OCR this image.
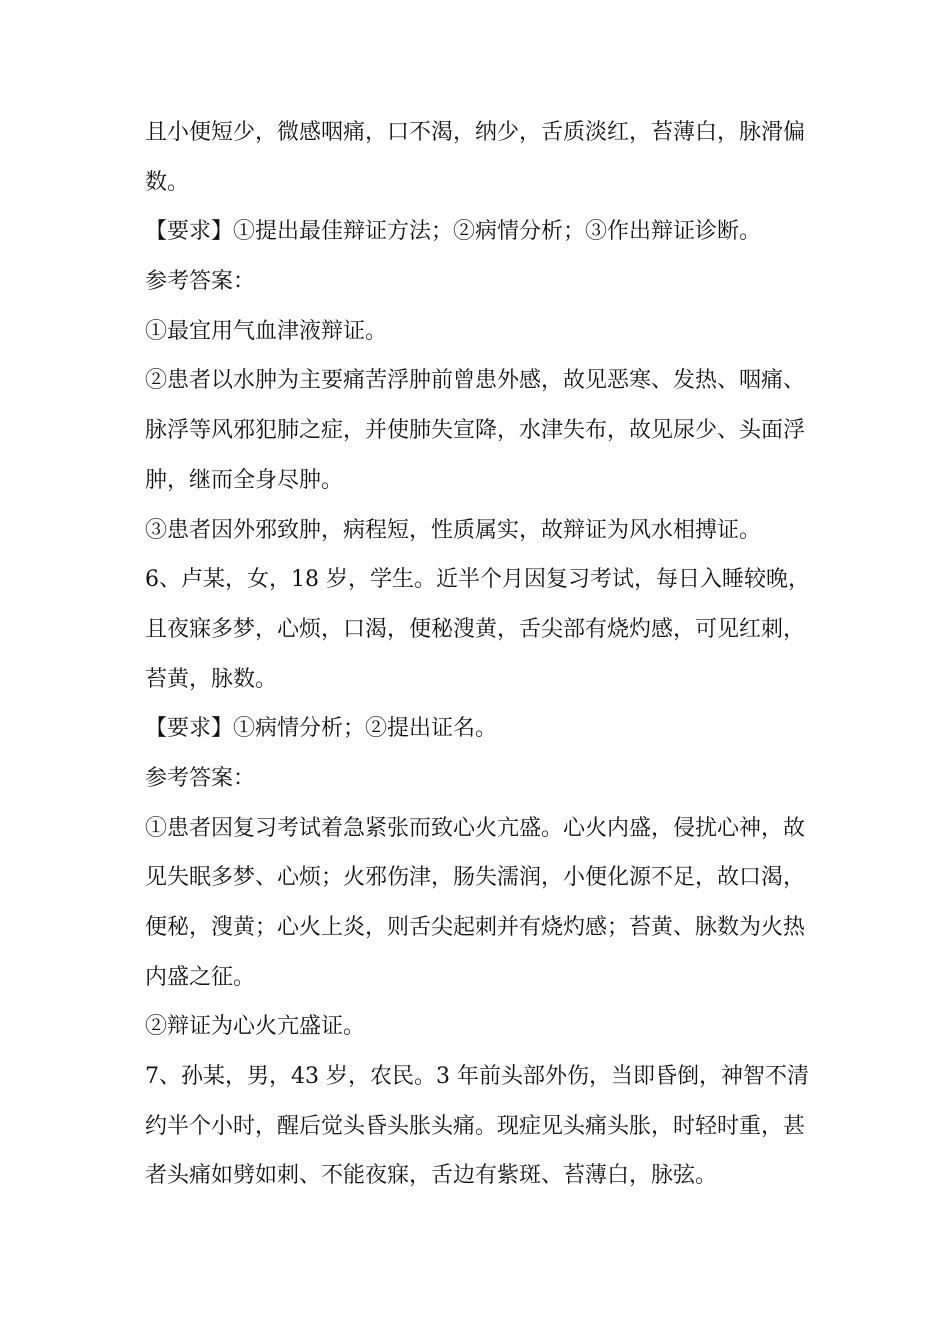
且小便短少，微感咽痛，口不渴，纳少，舌质淡红，苔薄白，脉滑偏
数。

【要求】①提出最佳辩证方法；②病情分析；③作出辩证诊断。

参考答案：

①最宜用气血津液辩证。

②患者以水肿为主要痛苦浮肿前曾患外感，故见恶寒、发热、咽痛、
脉浮等风邪犯肺之症，并使肺失宣降，水津失布，故见尿少、头面浮
肿，继而全身尽肿。

③患者因外邪致肿，病程短，性质属实，故辩证为风水相搏证。

6、卢某，女，18 岁，学生。近半个月因复习考试，每日入睡较晚，
且夜寐多梦，心烦，口渴，便秘溲黄，舌尖部有烧灼感，可见红刺，
苔黄，脉数。

【要求】①病情分析；②提出证名。

参考答案：

①患者因复习考试着急紧张而致心火亢盛。心火内盛，侵扰心神，故
见失眠多梦、心烦；火邪伤津，肠失濡润，小便化源不足，故口渴，
便秘，溲黄；心火上炎，则舌尖起刺并有烧灼感；苔黄、脉数为火热
内盛之征。

②辩证为心火亢盛证。

7、孙某，男，43 岁，农民。3 年前头部外伤，当即昏倒，神智不清
约半个小时，醒后觉头昏头胀头痛。现症见头痛头胀，时轻时重，甚
者头痛如劈如刺、不能夜寐，舌边有紫斑、苔薄白，脉弦。
